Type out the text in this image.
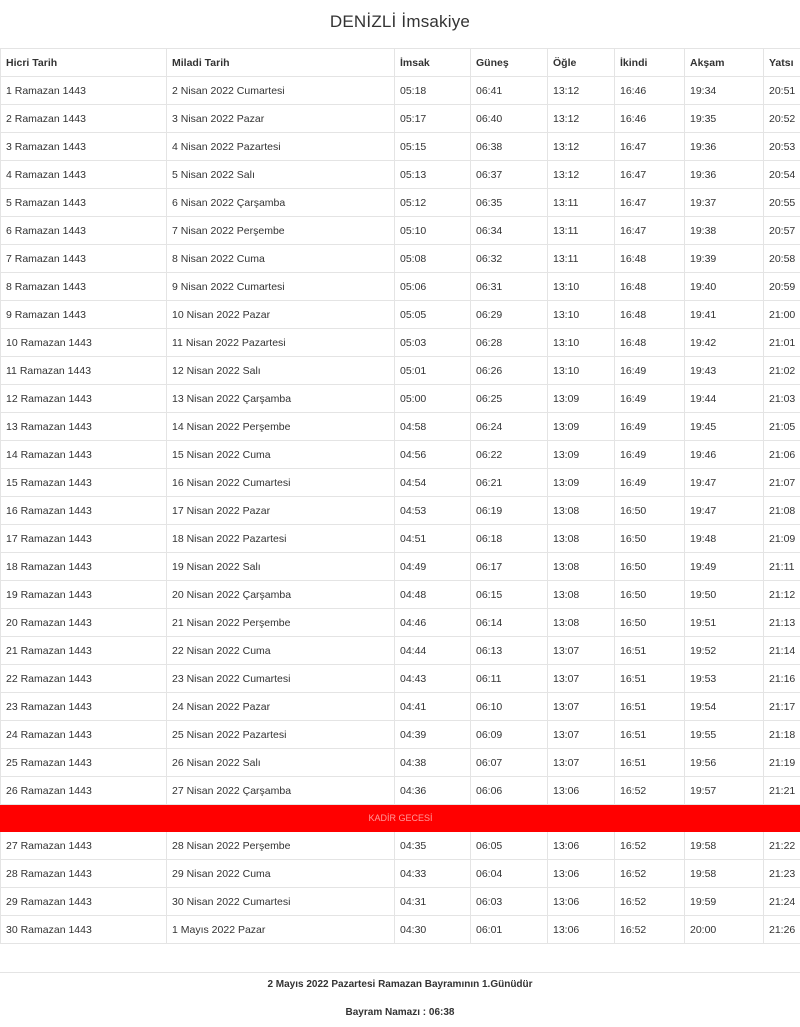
DENİZLİ İmsakiye
Hicri Tarih	Miladi Tarih	İmsak	Güneş	Öğle	İkindi	Akşam	Yatsı
1 Ramazan 1443	2 Nisan 2022 Cumartesi	05:18	06:41	13:12	16:46	19:34	20:51
2 Ramazan 1443	3 Nisan 2022 Pazar	05:17	06:40	13:12	16:46	19:35	20:52
3 Ramazan 1443	4 Nisan 2022 Pazartesi	05:15	06:38	13:12	16:47	19:36	20:53
4 Ramazan 1443	5 Nisan 2022 Salı	05:13	06:37	13:12	16:47	19:36	20:54
5 Ramazan 1443	6 Nisan 2022 Çarşamba	05:12	06:35	13:11	16:47	19:37	20:55
6 Ramazan 1443	7 Nisan 2022 Perşembe	05:10	06:34	13:11	16:47	19:38	20:57
7 Ramazan 1443	8 Nisan 2022 Cuma	05:08	06:32	13:11	16:48	19:39	20:58
8 Ramazan 1443	9 Nisan 2022 Cumartesi	05:06	06:31	13:10	16:48	19:40	20:59
9 Ramazan 1443	10 Nisan 2022 Pazar	05:05	06:29	13:10	16:48	19:41	21:00
10 Ramazan 1443	11 Nisan 2022 Pazartesi	05:03	06:28	13:10	16:48	19:42	21:01
11 Ramazan 1443	12 Nisan 2022 Salı	05:01	06:26	13:10	16:49	19:43	21:02
12 Ramazan 1443	13 Nisan 2022 Çarşamba	05:00	06:25	13:09	16:49	19:44	21:03
13 Ramazan 1443	14 Nisan 2022 Perşembe	04:58	06:24	13:09	16:49	19:45	21:05
14 Ramazan 1443	15 Nisan 2022 Cuma	04:56	06:22	13:09	16:49	19:46	21:06
15 Ramazan 1443	16 Nisan 2022 Cumartesi	04:54	06:21	13:09	16:49	19:47	21:07
16 Ramazan 1443	17 Nisan 2022 Pazar	04:53	06:19	13:08	16:50	19:47	21:08
17 Ramazan 1443	18 Nisan 2022 Pazartesi	04:51	06:18	13:08	16:50	19:48	21:09
18 Ramazan 1443	19 Nisan 2022 Salı	04:49	06:17	13:08	16:50	19:49	21:11
19 Ramazan 1443	20 Nisan 2022 Çarşamba	04:48	06:15	13:08	16:50	19:50	21:12
20 Ramazan 1443	21 Nisan 2022 Perşembe	04:46	06:14	13:08	16:50	19:51	21:13
21 Ramazan 1443	22 Nisan 2022 Cuma	04:44	06:13	13:07	16:51	19:52	21:14
22 Ramazan 1443	23 Nisan 2022 Cumartesi	04:43	06:11	13:07	16:51	19:53	21:16
23 Ramazan 1443	24 Nisan 2022 Pazar	04:41	06:10	13:07	16:51	19:54	21:17
24 Ramazan 1443	25 Nisan 2022 Pazartesi	04:39	06:09	13:07	16:51	19:55	21:18
25 Ramazan 1443	26 Nisan 2022 Salı	04:38	06:07	13:07	16:51	19:56	21:19
26 Ramazan 1443	27 Nisan 2022 Çarşamba	04:36	06:06	13:06	16:52	19:57	21:21
KADİR GECESİ							
27 Ramazan 1443	28 Nisan 2022 Perşembe	04:35	06:05	13:06	16:52	19:58	21:22
28 Ramazan 1443	29 Nisan 2022 Cuma	04:33	06:04	13:06	16:52	19:58	21:23
29 Ramazan 1443	30 Nisan 2022 Cumartesi	04:31	06:03	13:06	16:52	19:59	21:24
30 Ramazan 1443	1 Mayıs 2022 Pazar	04:30	06:01	13:06	16:52	20:00	21:26
2 Mayıs 2022 Pazartesi Ramazan Bayramının 1.Günüdür
Bayram Namazı : 06:38
